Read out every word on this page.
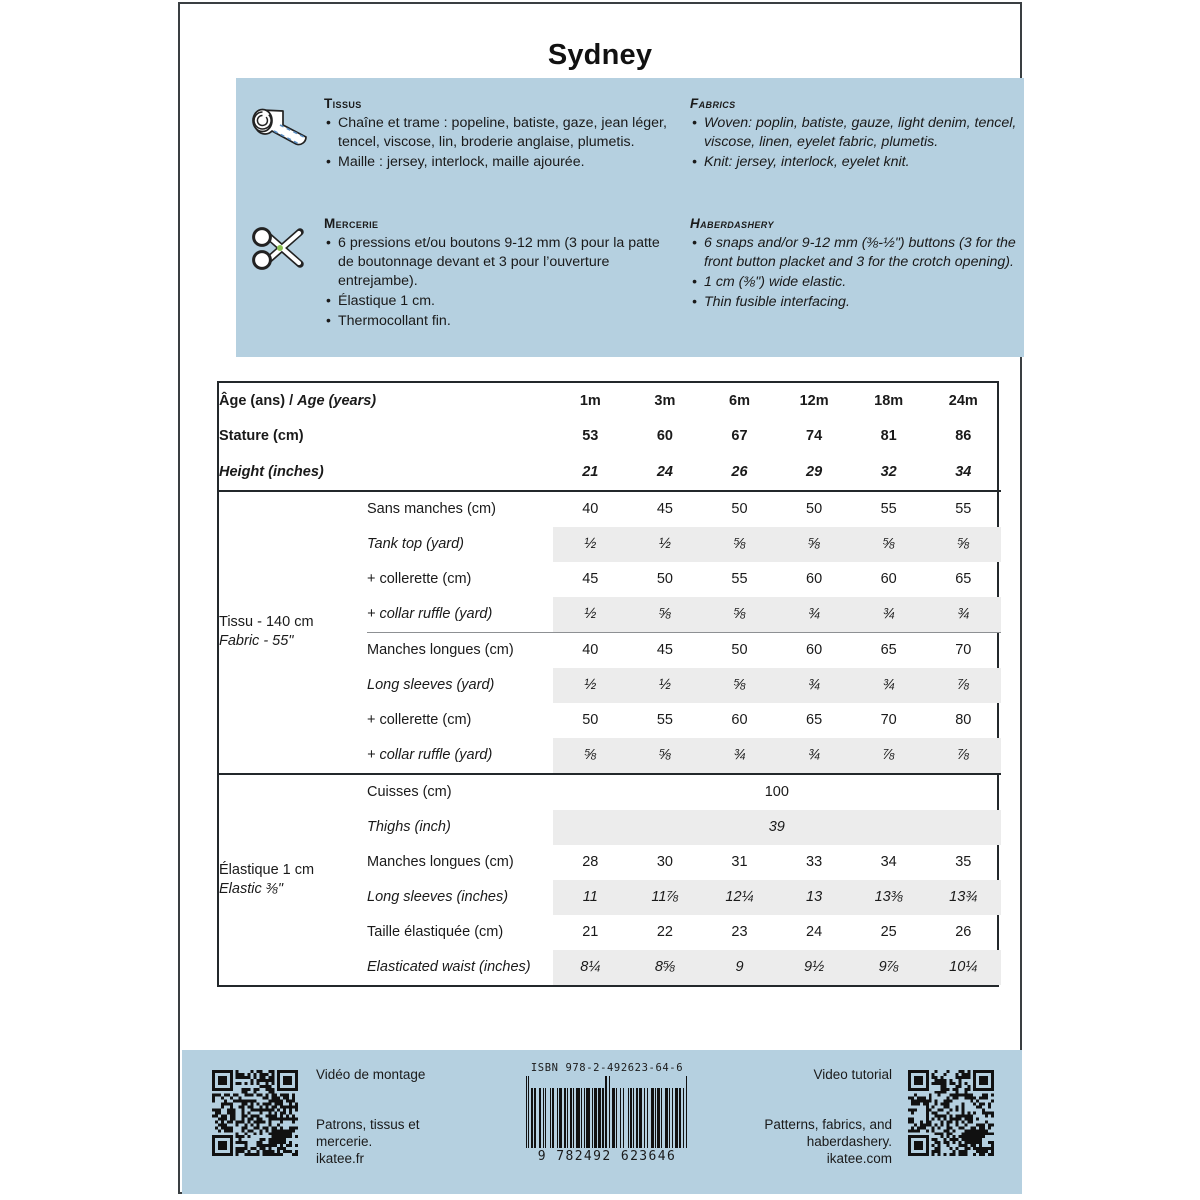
Sydney
Tissus
• Chaîne et trame : popeline, batiste, gaze, jean léger, tencel, viscose, lin, broderie anglaise, plumetis.
• Maille : jersey, interlock, maille ajourée.
Fabrics
• Woven: poplin, batiste, gauze, light denim, tencel, viscose, linen, eyelet fabric, plumetis.
• Knit: jersey, interlock, eyelet knit.
Mercerie
• 6 pressions et/ou boutons 9-12 mm (3 pour la patte de boutonnage devant et 3 pour l’ouverture entrejambe).
• Élastique 1 cm.
• Thermocollant fin.
Haberdashery
• 6 snaps and/or 9-12 mm (⅜-½") buttons (3 for the front button placket and 3 for the crotch opening).
• 1 cm (⅜") wide elastic.
• Thin fusible interfacing.
Âge (ans) / Age (years)		1m	3m	6m	12m	18m	24m
Stature (cm)		53	60	67	74	81	86
Height (inches)		21	24	26	29	32	34

Tissu - 140 cm
Fabric - 55"	Sans manches (cm)	40	45	50	50	55	55
	Tank top (yard)	½	½	⅝	⅝	⅝	⅝
	+ collerette (cm)	45	50	55	60	60	65
	+ collar ruffle (yard)	½	⅝	⅝	¾	¾	¾
	Manches longues (cm)	40	45	50	60	65	70
	Long sleeves (yard)	½	½	⅝	¾	¾	⅞
	+ collerette (cm)	50	55	60	65	70	80
	+ collar ruffle (yard)	⅝	⅝	¾	¾	⅞	⅞

Élastique 1 cm
Elastic ⅜"	Cuisses (cm)	100					
	Thighs (inch)	39					
	Manches longues (cm)	28	30	31	33	34	35
	Long sleeves (inches)	11	11⅞	12¼	13	13⅜	13¾
	Taille élastiquée (cm)	21	22	23	24	25	26
	Elasticated waist (inches)	8¼	8⅝	9	9½	9⅞	10¼
Vidéo de montage
Patrons, tissus et
mercerie.
ikatee.fr
ISBN 978-2-492623-64-6
9 782492 623646
Video tutorial
Patterns, fabrics, and
haberdashery.
ikatee.com
